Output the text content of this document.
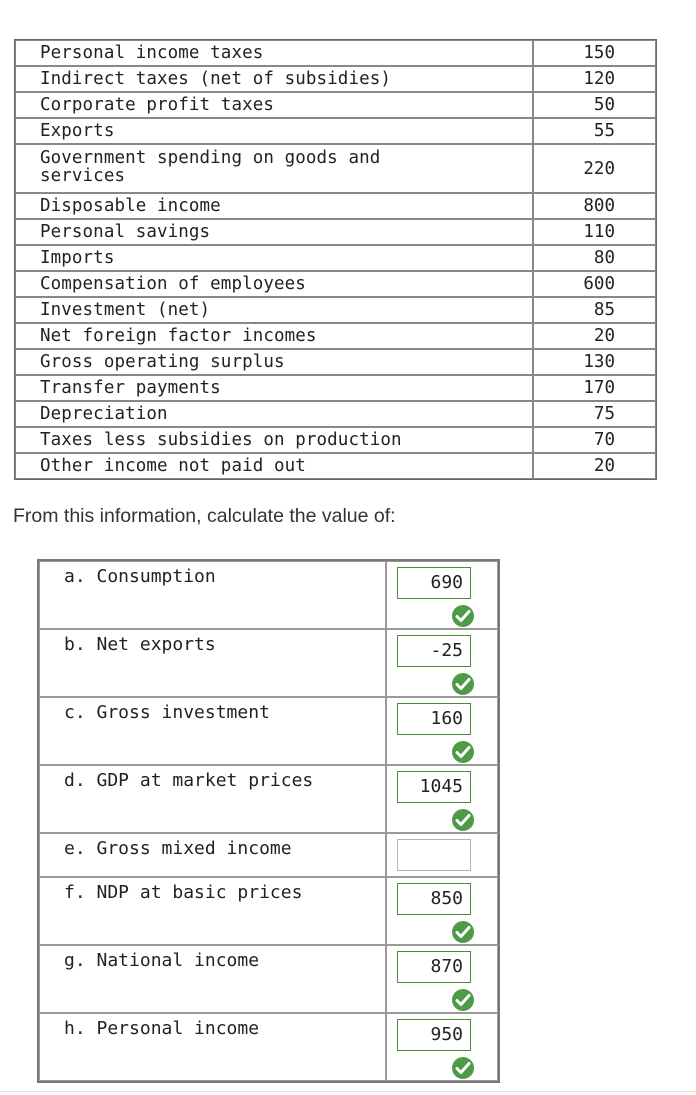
Personal income taxes	150
Indirect taxes (net of subsidies)	120
Corporate profit taxes	50
Exports	55
Government spending on goods and
services	220
Disposable income	800
Personal savings	110
Imports	80
Compensation of employees	600
Investment (net)	85
Net foreign factor incomes	20
Gross operating surplus	130
Transfer payments	170
Depreciation	75
Taxes less subsidies on production	70
Other income not paid out	20
From this information, calculate the value of:
a. Consumption	690

b. Net exports	-25

c. Gross investment	160

d. GDP at market prices	1045

e. Gross mixed income	

f. NDP at basic prices	850

g. National income	870

h. Personal income	950
